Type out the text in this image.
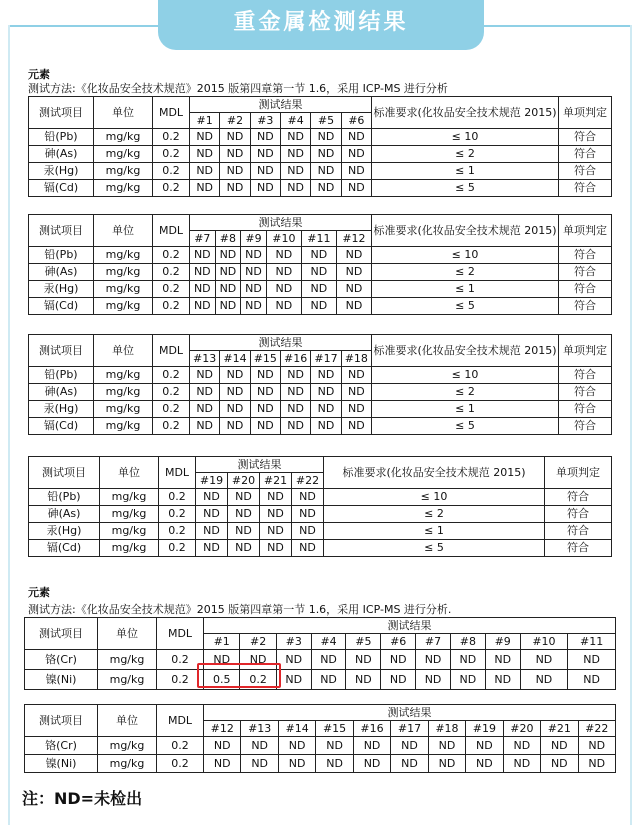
重金属检测结果
元素
测试方法:《化妆品安全技术规范》2015 版第四章第一节 1.6，采用 ICP-MS 进行分析
测试项目	单位	MDL	测试结果						标准要求(化妆品安全技术规范 2015)	单项判定
			#1	#2	#3	#4	#5	#6		
铅(Pb)	mg/kg	0.2	ND	ND	ND	ND	ND	ND	≤ 10	符合
砷(As)	mg/kg	0.2	ND	ND	ND	ND	ND	ND	≤ 2	符合
汞(Hg)	mg/kg	0.2	ND	ND	ND	ND	ND	ND	≤ 1	符合
镉(Cd)	mg/kg	0.2	ND	ND	ND	ND	ND	ND	≤ 5	符合
测试项目	单位	MDL	测试结果						标准要求(化妆品安全技术规范 2015)	单项判定
			#7	#8	#9	#10	#11	#12		
铅(Pb)	mg/kg	0.2	ND	ND	ND	ND	ND	ND	≤ 10	符合
砷(As)	mg/kg	0.2	ND	ND	ND	ND	ND	ND	≤ 2	符合
汞(Hg)	mg/kg	0.2	ND	ND	ND	ND	ND	ND	≤ 1	符合
镉(Cd)	mg/kg	0.2	ND	ND	ND	ND	ND	ND	≤ 5	符合
测试项目	单位	MDL	测试结果						标准要求(化妆品安全技术规范 2015)	单项判定
			#13	#14	#15	#16	#17	#18		
铅(Pb)	mg/kg	0.2	ND	ND	ND	ND	ND	ND	≤ 10	符合
砷(As)	mg/kg	0.2	ND	ND	ND	ND	ND	ND	≤ 2	符合
汞(Hg)	mg/kg	0.2	ND	ND	ND	ND	ND	ND	≤ 1	符合
镉(Cd)	mg/kg	0.2	ND	ND	ND	ND	ND	ND	≤ 5	符合
测试项目	单位	MDL	测试结果				标准要求(化妆品安全技术规范 2015)	单项判定
			#19	#20	#21	#22		
铅(Pb)	mg/kg	0.2	ND	ND	ND	ND	≤ 10	符合
砷(As)	mg/kg	0.2	ND	ND	ND	ND	≤ 2	符合
汞(Hg)	mg/kg	0.2	ND	ND	ND	ND	≤ 1	符合
镉(Cd)	mg/kg	0.2	ND	ND	ND	ND	≤ 5	符合
元素
测试方法:《化妆品安全技术规范》2015 版第四章第一节 1.6，采用 ICP-MS 进行分析.
测试项目	单位	MDL	测试结果										
			#1	#2	#3	#4	#5	#6	#7	#8	#9	#10	#11
铬(Cr)	mg/kg	0.2	ND	ND	ND	ND	ND	ND	ND	ND	ND	ND	ND
镍(Ni)	mg/kg	0.2	0.5	0.2	ND	ND	ND	ND	ND	ND	ND	ND	ND
测试项目	单位	MDL	测试结果										
			#12	#13	#14	#15	#16	#17	#18	#19	#20	#21	#22
铬(Cr)	mg/kg	0.2	ND	ND	ND	ND	ND	ND	ND	ND	ND	ND	ND
镍(Ni)	mg/kg	0.2	ND	ND	ND	ND	ND	ND	ND	ND	ND	ND	ND
注：ND=未检出
